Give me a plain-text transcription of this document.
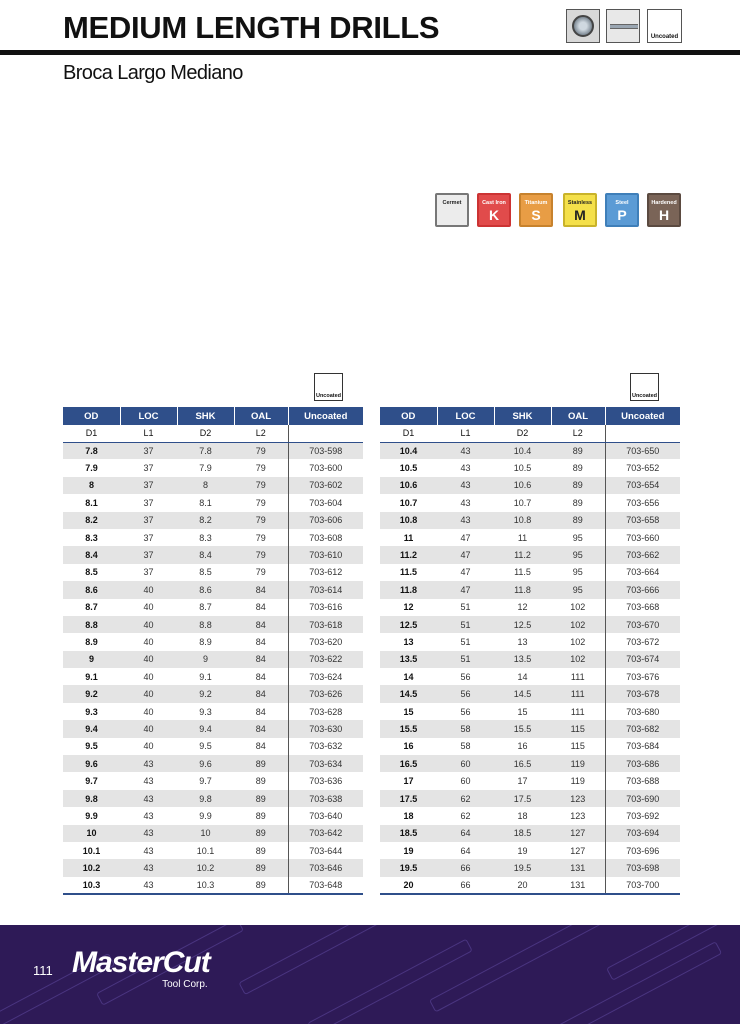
MEDIUM LENGTH DRILLS	Uncoated
Broca Largo Mediano
Cermet	Cast Iron
K
Titanium
S
Stainless
M
Steel
P
Hardened
H
Uncoated	Uncoated
OD	LOC	SHK	OAL	Uncoated
D1	L1	D2	L2	
7.8	37	7.8	79	703-598
7.9	37	7.9	79	703-600
8	37	8	79	703-602
8.1	37	8.1	79	703-604
8.2	37	8.2	79	703-606
8.3	37	8.3	79	703-608
8.4	37	8.4	79	703-610
8.5	37	8.5	79	703-612
8.6	40	8.6	84	703-614
8.7	40	8.7	84	703-616
8.8	40	8.8	84	703-618
8.9	40	8.9	84	703-620
9	40	9	84	703-622
9.1	40	9.1	84	703-624
9.2	40	9.2	84	703-626
9.3	40	9.3	84	703-628
9.4	40	9.4	84	703-630
9.5	40	9.5	84	703-632
9.6	43	9.6	89	703-634
9.7	43	9.7	89	703-636
9.8	43	9.8	89	703-638
9.9	43	9.9	89	703-640
10	43	10	89	703-642
10.1	43	10.1	89	703-644
10.2	43	10.2	89	703-646
10.3	43	10.3	89	703-648
OD	LOC	SHK	OAL	Uncoated
D1	L1	D2	L2	
10.4	43	10.4	89	703-650
10.5	43	10.5	89	703-652
10.6	43	10.6	89	703-654
10.7	43	10.7	89	703-656
10.8	43	10.8	89	703-658
11	47	11	95	703-660
11.2	47	11.2	95	703-662
11.5	47	11.5	95	703-664
11.8	47	11.8	95	703-666
12	51	12	102	703-668
12.5	51	12.5	102	703-670
13	51	13	102	703-672
13.5	51	13.5	102	703-674
14	56	14	111	703-676
14.5	56	14.5	111	703-678
15	56	15	111	703-680
15.5	58	15.5	115	703-682
16	58	16	115	703-684
16.5	60	16.5	119	703-686
17	60	17	119	703-688
17.5	62	17.5	123	703-690
18	62	18	123	703-692
18.5	64	18.5	127	703-694
19	64	19	127	703-696
19.5	66	19.5	131	703-698
20	66	20	131	703-700
111 MasterCut
Tool Corp.
